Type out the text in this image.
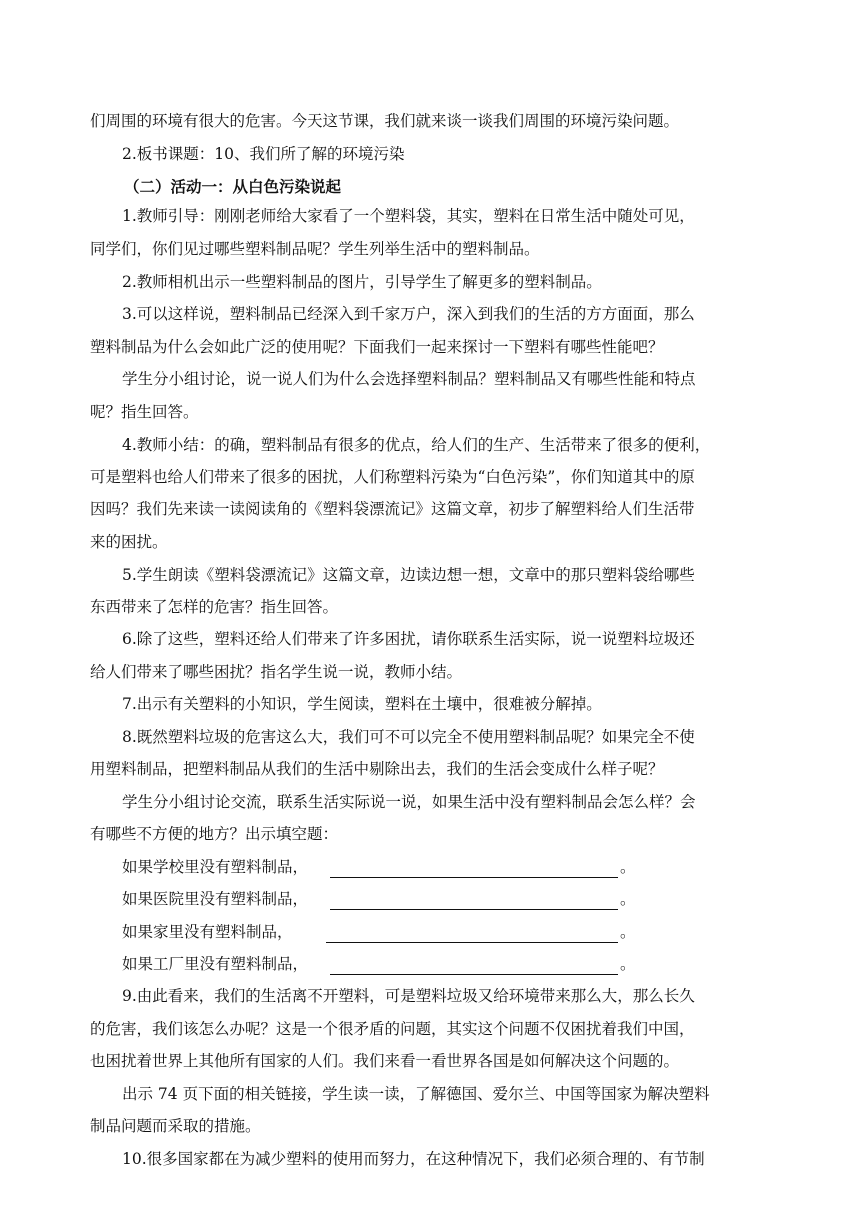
们周围的环境有很大的危害。今天这节课，我们就来谈一谈我们周围的环境污染问题。
2.板书课题：10、我们所了解的环境污染
（二）活动一：从白色污染说起
1.教师引导：刚刚老师给大家看了一个塑料袋，其实，塑料在日常生活中随处可见，
同学们，你们见过哪些塑料制品呢？学生列举生活中的塑料制品。
2.教师相机出示一些塑料制品的图片，引导学生了解更多的塑料制品。
3.可以这样说，塑料制品已经深入到千家万户，深入到我们的生活的方方面面，那么
塑料制品为什么会如此广泛的使用呢？下面我们一起来探讨一下塑料有哪些性能吧？
学生分小组讨论，说一说人们为什么会选择塑料制品？塑料制品又有哪些性能和特点
呢？指生回答。
4.教师小结：的确，塑料制品有很多的优点，给人们的生产、生活带来了很多的便利，
可是塑料也给人们带来了很多的困扰，人们称塑料污染为“白色污染”，你们知道其中的原
因吗？我们先来读一读阅读角的《塑料袋漂流记》这篇文章，初步了解塑料给人们生活带
来的困扰。
5.学生朗读《塑料袋漂流记》这篇文章，边读边想一想，文章中的那只塑料袋给哪些
东西带来了怎样的危害？指生回答。
6.除了这些，塑料还给人们带来了许多困扰，请你联系生活实际，说一说塑料垃圾还
给人们带来了哪些困扰？指名学生说一说，教师小结。
7.出示有关塑料的小知识，学生阅读，塑料在土壤中，很难被分解掉。
8.既然塑料垃圾的危害这么大，我们可不可以完全不使用塑料制品呢？如果完全不使
用塑料制品，把塑料制品从我们的生活中剔除出去，我们的生活会变成什么样子呢？
学生分小组讨论交流，联系生活实际说一说，如果生活中没有塑料制品会怎么样？会
有哪些不方便的地方？出示填空题：
如果学校里没有塑料制品，	。
如果医院里没有塑料制品，	。
如果家里没有塑料制品，	。
如果工厂里没有塑料制品，	。
9.由此看来，我们的生活离不开塑料，可是塑料垃圾又给环境带来那么大，那么长久
的危害，我们该怎么办呢？这是一个很矛盾的问题，其实这个问题不仅困扰着我们中国，
也困扰着世界上其他所有国家的人们。我们来看一看世界各国是如何解决这个问题的。
出示 74 页下面的相关链接，学生读一读，了解德国、爱尔兰、中国等国家为解决塑料
制品问题而采取的措施。
10.很多国家都在为减少塑料的使用而努力，在这种情况下，我们必须合理的、有节制
